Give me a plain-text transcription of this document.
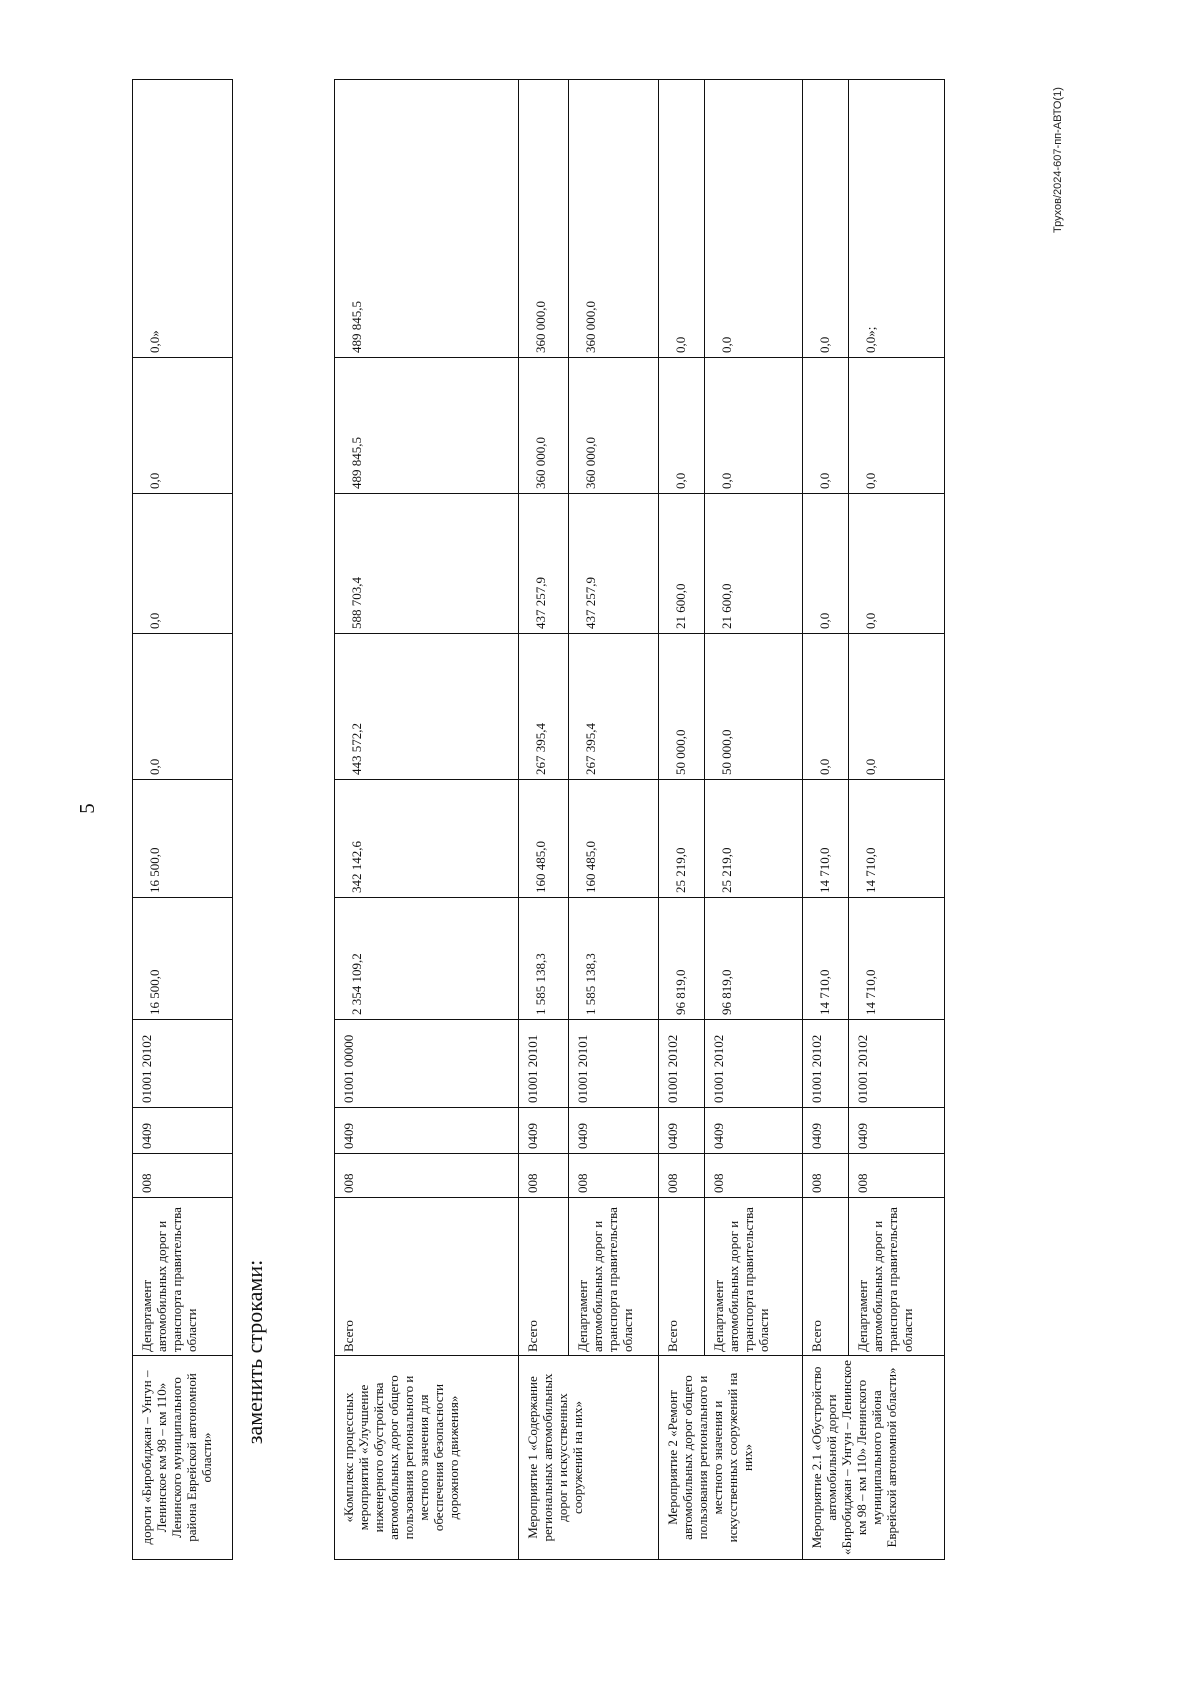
5
Трухов/2024-607-пп-АВТО(1)
заменить строками:
дороги «Биробиджан – Унгун – Ленинское км 98 – км 110» Ленинского муниципального района Еврейской автономной области»	Департамент автомобильных дорог и транспорта правительства области	008	0409	01001 20102	16 500,0	16 500,0	0,0	0,0	0,0	0,0»
«Комплекс процессных мероприятий «Улучшение инженерного обустройства автомобильных дорог общего пользования регионального и местного значения для обеспечения безопасности дорожного движения»	Всего	008	0409	01001 00000	2 354 109,2	342 142,6	443 572,2	588 703,4	489 845,5	489 845,5
Мероприятие 1 «Содержание региональных автомобильных дорог и искусственных сооружений на них»	Всего	008	0409	01001 20101	1 585 138,3	160 485,0	267 395,4	437 257,9	360 000,0	360 000,0
	Департамент автомобильных дорог и транспорта правительства области	008	0409	01001 20101	1 585 138,3	160 485,0	267 395,4	437 257,9	360 000,0	360 000,0
Мероприятие 2 «Ремонт автомобильных дорог общего пользования регионального и местного значения и искусственных сооружений на них»	Всего	008	0409	01001 20102	96 819,0	25 219,0	50 000,0	21 600,0	0,0	0,0
	Департамент автомобильных дорог и транспорта правительства области	008	0409	01001 20102	96 819,0	25 219,0	50 000,0	21 600,0	0,0	0,0
Мероприятие 2.1 «Обустройство автомобильной дороги «Биробиджан – Унгун – Ленинское км 98 – км 110» Ленинского муниципального района Еврейской автономной области»	Всего	008	0409	01001 20102	14 710,0	14 710,0	0,0	0,0	0,0	0,0
	Департамент автомобильных дорог и транспорта правительства области	008	0409	01001 20102	14 710,0	14 710,0	0,0	0,0	0,0	0,0»;
